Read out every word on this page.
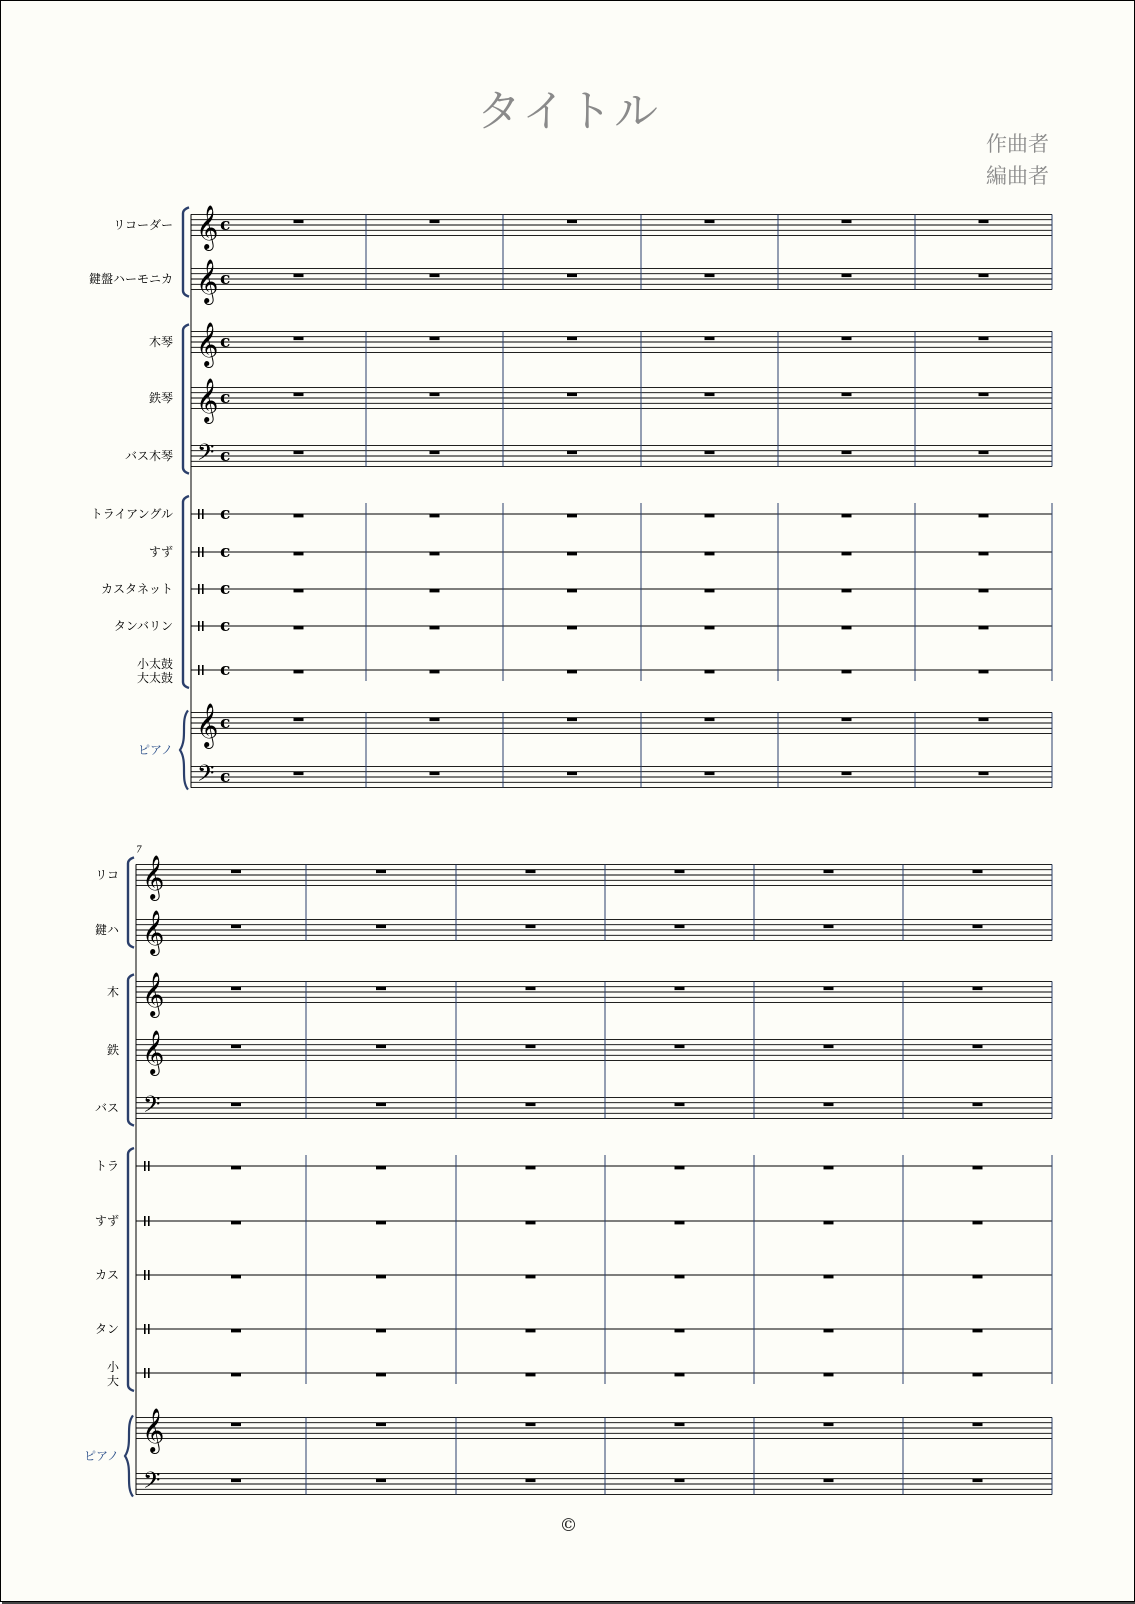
タイトル
作曲者
編曲者
リコーダー 𝄞 c
鍵盤ハーモニカ 𝄞 c
木琴 𝄞 c
鉄琴 𝄞 c
バス木琴 𝄢 c
トライアングル	c
すず	c
カスタネット	c
タンバリン	c
小太鼓
大太鼓	c
ピアノ
𝄞 c
𝄢 c
リコ 𝄞
鍵ハ 𝄞
木 𝄞
鉄 𝄞
バス 𝄢
トラ
すず
カス
タン
小
大
ピアノ
𝄞
𝄢
7
©
